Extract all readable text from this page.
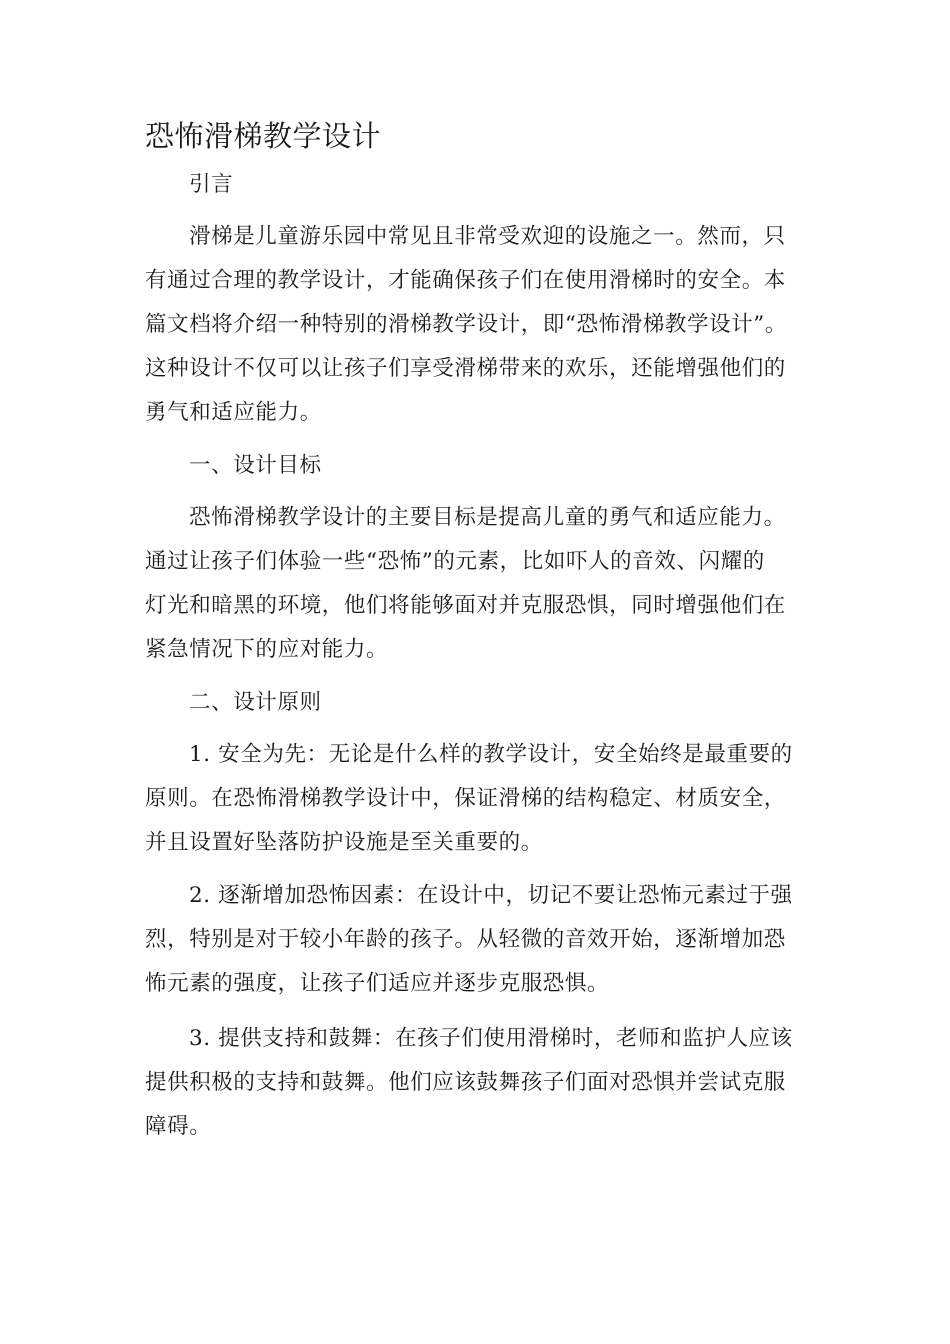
恐怖滑梯教学设计

引言

滑梯是儿童游乐园中常见且非常受欢迎的设施之一。然而，只
有通过合理的教学设计，才能确保孩子们在使用滑梯时的安全。本
篇文档将介绍一种特别的滑梯教学设计，即“恐怖滑梯教学设计”。
这种设计不仅可以让孩子们享受滑梯带来的欢乐，还能增强他们的
勇气和适应能力。

一、设计目标

恐怖滑梯教学设计的主要目标是提高儿童的勇气和适应能力。
通过让孩子们体验一些“恐怖”的元素，比如吓人的音效、闪耀的
灯光和暗黑的环境，他们将能够面对并克服恐惧，同时增强他们在
紧急情况下的应对能力。

二、设计原则

1. 安全为先：无论是什么样的教学设计，安全始终是最重要的
原则。在恐怖滑梯教学设计中，保证滑梯的结构稳定、材质安全，
并且设置好坠落防护设施是至关重要的。

2. 逐渐增加恐怖因素：在设计中，切记不要让恐怖元素过于强
烈，特别是对于较小年龄的孩子。从轻微的音效开始，逐渐增加恐
怖元素的强度，让孩子们适应并逐步克服恐惧。

3. 提供支持和鼓舞：在孩子们使用滑梯时，老师和监护人应该
提供积极的支持和鼓舞。他们应该鼓舞孩子们面对恐惧并尝试克服
障碍。
